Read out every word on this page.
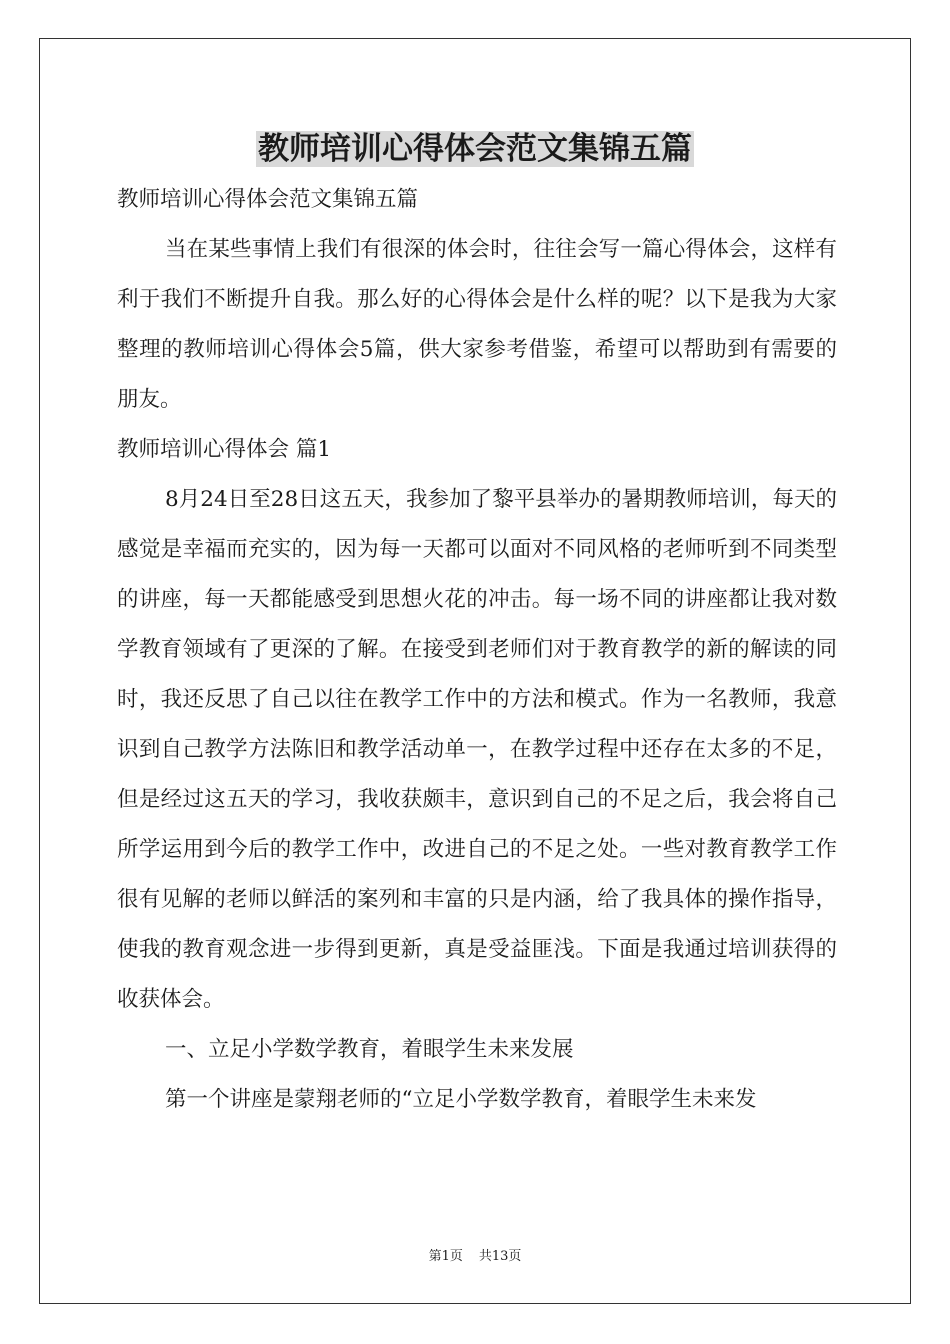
教师培训心得体会范文集锦五篇

教师培训心得体会范文集锦五篇

当在某些事情上我们有很深的体会时，往往会写一篇心得体会，这样有利于我们不断提升自我。那么好的心得体会是什么样的呢？以下是我为大家整理的教师培训心得体会5篇，供大家参考借鉴，希望可以帮助到有需要的朋友。

教师培训心得体会 篇1

8月24日至28日这五天，我参加了黎平县举办的暑期教师培训，每天的感觉是幸福而充实的，因为每一天都可以面对不同风格的老师听到不同类型的讲座，每一天都能感受到思想火花的冲击。每一场不同的讲座都让我对数学教育领域有了更深的了解。在接受到老师们对于教育教学的新的解读的同时，我还反思了自己以往在教学工作中的方法和模式。作为一名教师，我意识到自己教学方法陈旧和教学活动单一，在教学过程中还存在太多的不足，但是经过这五天的学习，我收获颇丰，意识到自己的不足之后，我会将自己所学运用到今后的教学工作中，改进自己的不足之处。一些对教育教学工作很有见解的老师以鲜活的案列和丰富的只是内涵，给了我具体的操作指导，使我的教育观念进一步得到更新，真是受益匪浅。下面是我通过培训获得的收获体会。

一、立足小学数学教育，着眼学生未来发展

第一个讲座是蒙翔老师的“立足小学数学教育，着眼学生未来发

第1页 共13页
